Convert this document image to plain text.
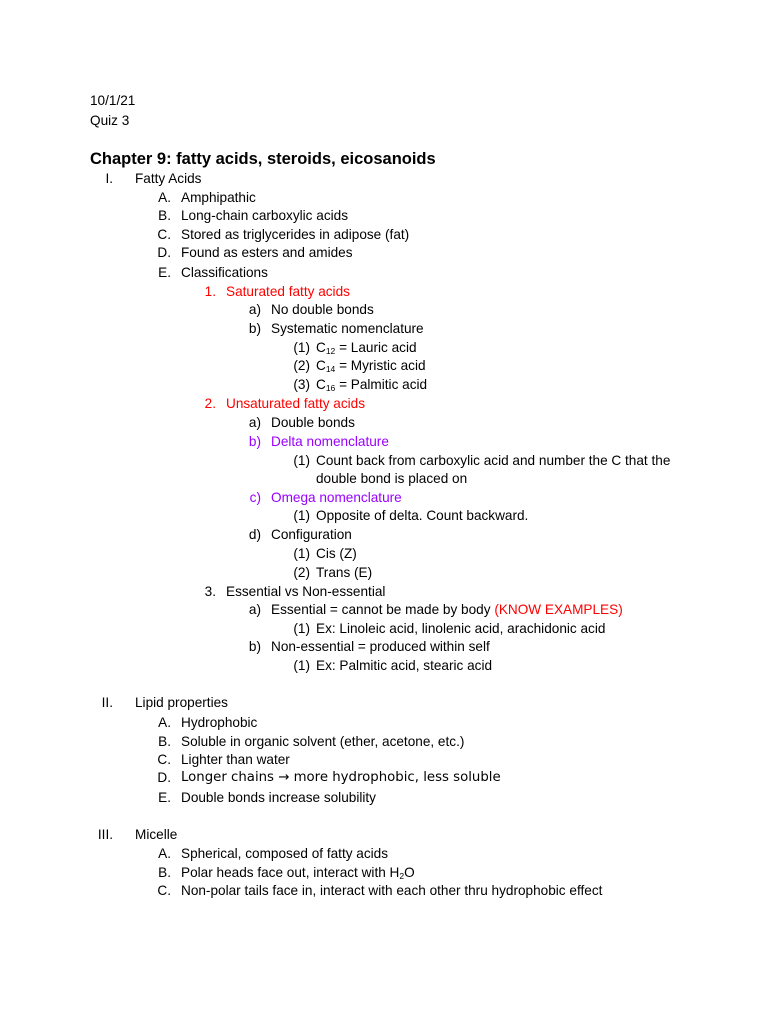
10/1/21
Quiz 3
Chapter 9: fatty acids, steroids, eicosanoids
I. Fatty Acids
A. Amphipathic
B. Long-chain carboxylic acids
C. Stored as triglycerides in adipose (fat)
D. Found as esters and amides
E. Classifications
1. Saturated fatty acids
a) No double bonds
b) Systematic nomenclature
(1) $C_{12}$ = Lauric acid
(2) $C_{14}$ = Myristic acid
(3) $C_{16}$ = Palmitic acid
2. Unsaturated fatty acids
a) Double bonds
b) Delta nomenclature
(1) Count back from carboxylic acid and number the C that the
double bond is placed on
c) Omega nomenclature
(1) Opposite of delta. Count backward.
d) Configuration
(1) Cis (Z)
(2) Trans (E)
3. Essential vs Non-essential
a) Essential = cannot be made by body (KNOW EXAMPLES)
(1) Ex: Linoleic acid, linolenic acid, arachidonic acid
b) Non-essential = produced within self
(1) Ex: Palmitic acid, stearic acid
II. Lipid properties
A. Hydrophobic
B. Soluble in organic solvent (ether, acetone, etc.)
C. Lighter than water
D. Longer chains → more hydrophobic, less soluble
E. Double bonds increase solubility
III. Micelle
A. Spherical, composed of fatty acids
B. Polar heads face out, interact with $H_2O$
C. Non-polar tails face in, interact with each other thru hydrophobic effect
